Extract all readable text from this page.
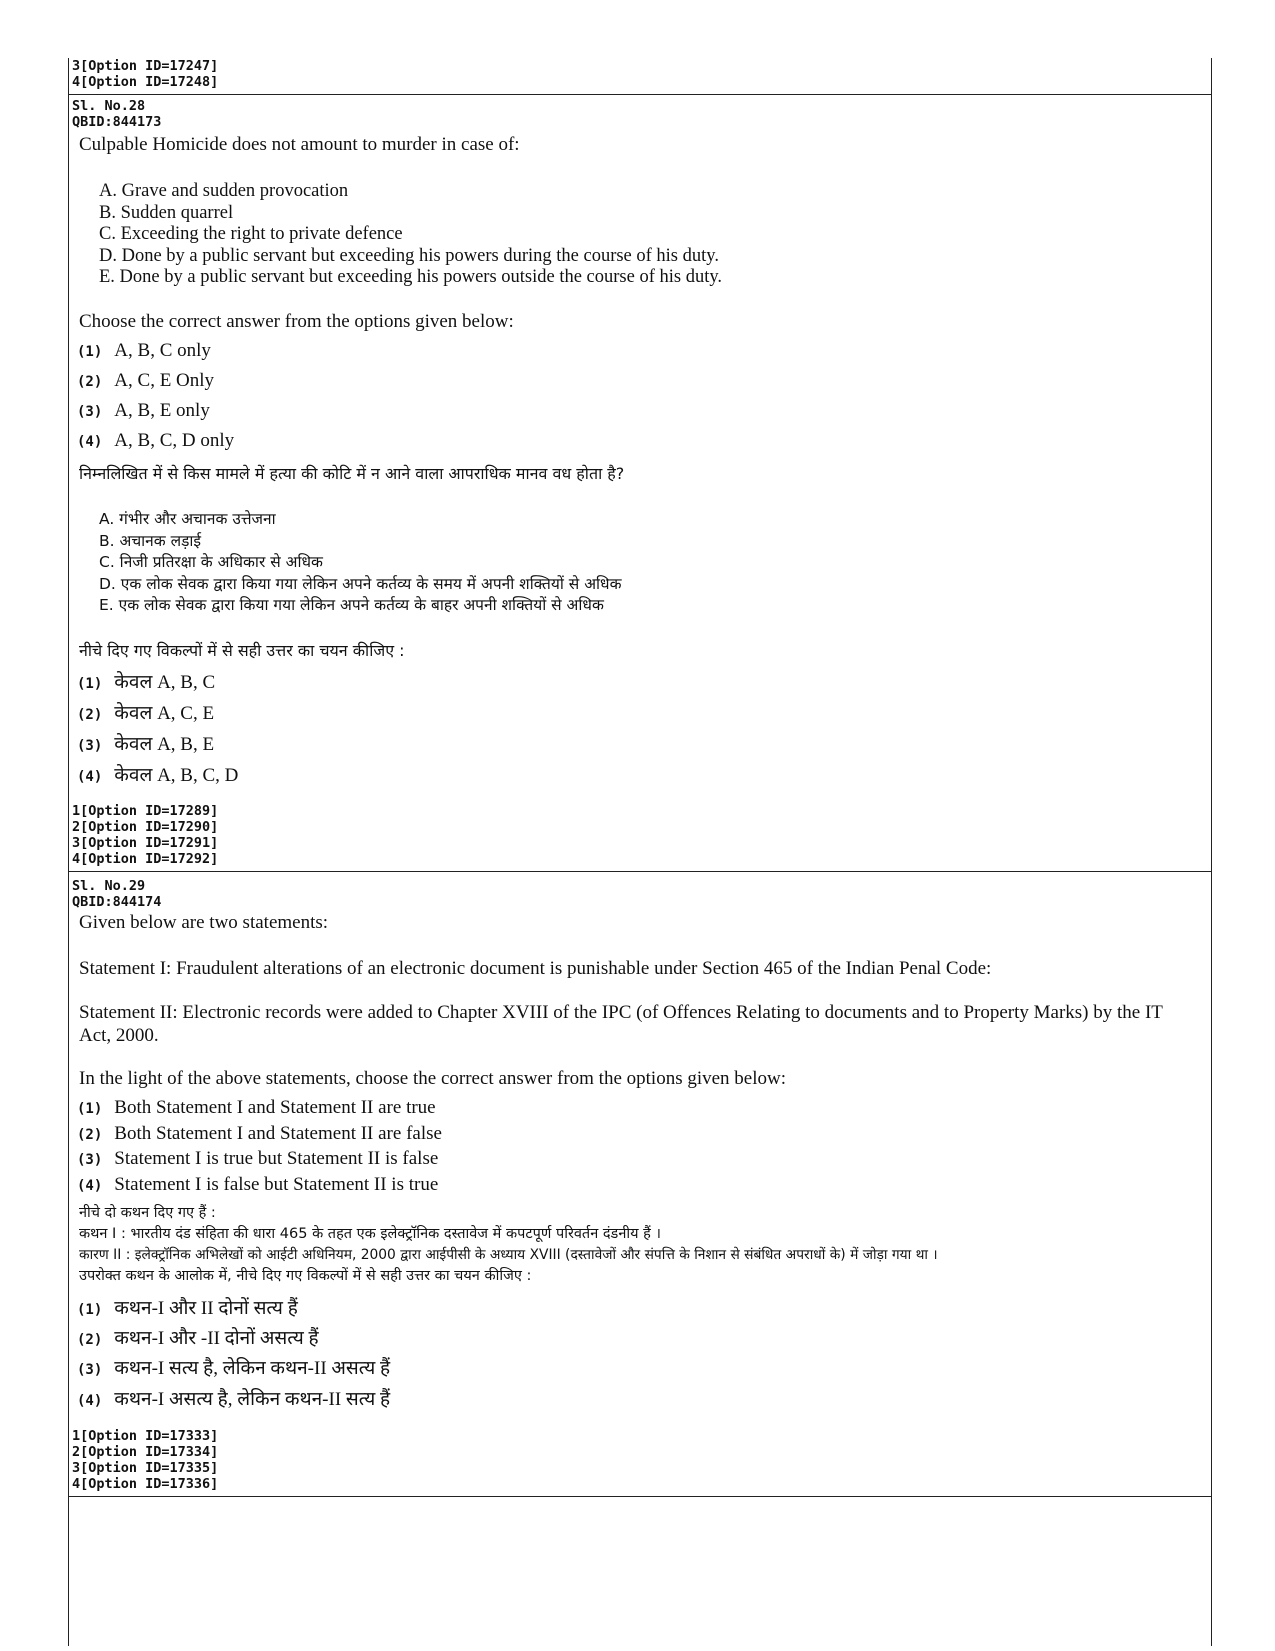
3[Option ID=17247]
4[Option ID=17248]
Sl. No.28
QBID:844173
Culpable Homicide does not amount to murder in case of:
A. Grave and sudden provocation
B. Sudden quarrel
C. Exceeding the right to private defence
D. Done by a public servant but exceeding his powers during the course of his duty.
E. Done by a public servant but exceeding his powers outside the course of his duty.
Choose the correct answer from the options given below:
(1) A, B, C only
(2) A, C, E Only
(3) A, B, E only
(4) A, B, C, D only
निम्नलिखित में से किस मामले में हत्या की कोटि में न आने वाला आपराधिक मानव वध होता है?
A. गंभीर और अचानक उत्तेजना
B. अचानक लड़ाई
C. निजी प्रतिरक्षा के अधिकार से अधिक
D. एक लोक सेवक द्वारा किया गया लेकिन अपने कर्तव्य के समय में अपनी शक्तियों से अधिक
E. एक लोक सेवक द्वारा किया गया लेकिन अपने कर्तव्य के बाहर अपनी शक्तियों से अधिक
नीचे दिए गए विकल्पों में से सही उत्तर का चयन कीजिए :
(1) केवल A, B, C
(2) केवल A, C, E
(3) केवल A, B, E
(4) केवल A, B, C, D
1[Option ID=17289]
2[Option ID=17290]
3[Option ID=17291]
4[Option ID=17292]
Sl. No.29
QBID:844174
Given below are two statements:
Statement I: Fraudulent alterations of an electronic document is punishable under Section 465 of the Indian Penal Code:
Statement II: Electronic records were added to Chapter XVIII of the IPC (of Offences Relating to documents and to Property Marks) by the IT Act, 2000.
In the light of the above statements, choose the correct answer from the options given below:
(1) Both Statement I and Statement II are true
(2) Both Statement I and Statement II are false
(3) Statement I is true but Statement II is false
(4) Statement I is false but Statement II is true
नीचे दो कथन दिए गए हैं :
कथन I : भारतीय दंड संहिता की धारा 465 के तहत एक इलेक्ट्रॉनिक दस्तावेज में कपटपूर्ण परिवर्तन दंडनीय हैं ।
कारण II : इलेक्ट्रॉनिक अभिलेखों को आईटी अधिनियम, 2000 द्वारा आईपीसी के अध्याय XVIII (दस्तावेजों और संपत्ति के निशान से संबंधित अपराधों के) में जोड़ा गया था ।
उपरोक्त कथन के आलोक में, नीचे दिए गए विकल्पों में से सही उत्तर का चयन कीजिए :
(1) कथन-I और II दोनों सत्य हैं
(2) कथन-I और -II दोनों असत्य हैं
(3) कथन-I सत्य है, लेकिन कथन-II असत्य हैं
(4) कथन-I असत्य है, लेकिन कथन-II सत्य हैं
1[Option ID=17333]
2[Option ID=17334]
3[Option ID=17335]
4[Option ID=17336]
